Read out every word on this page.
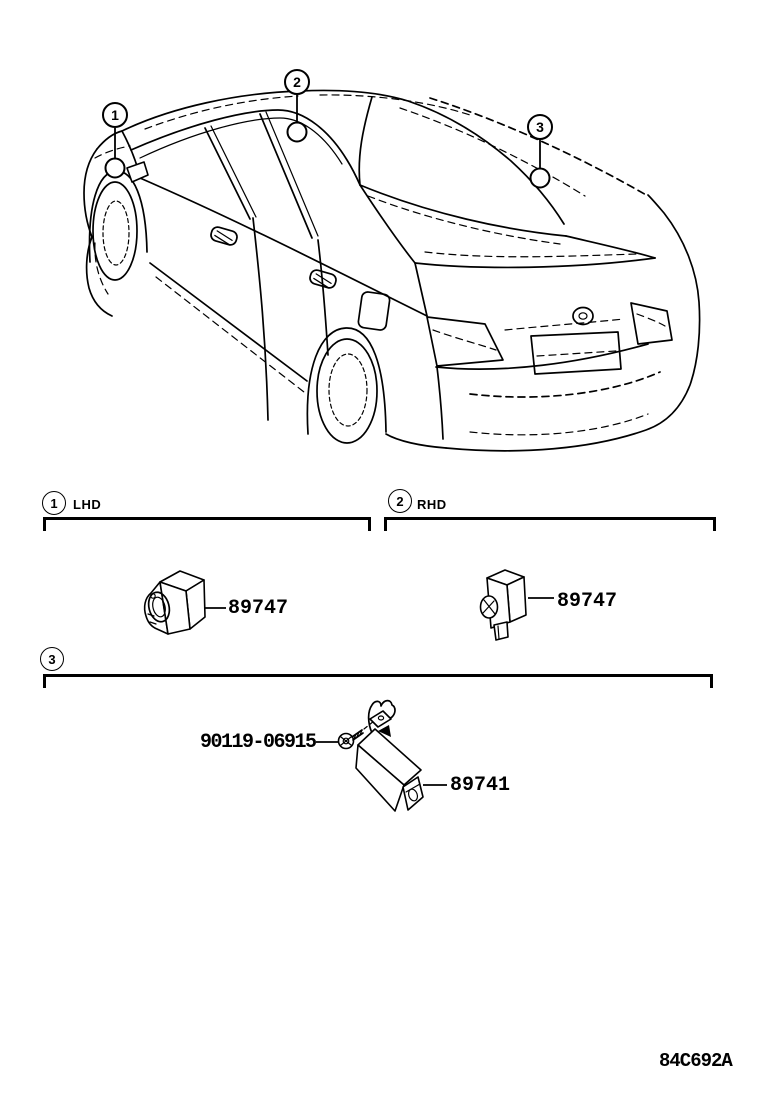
1
2
3
1	LHD
89747
2	RHD
89747
3
90119-06915
89741
84C692A
